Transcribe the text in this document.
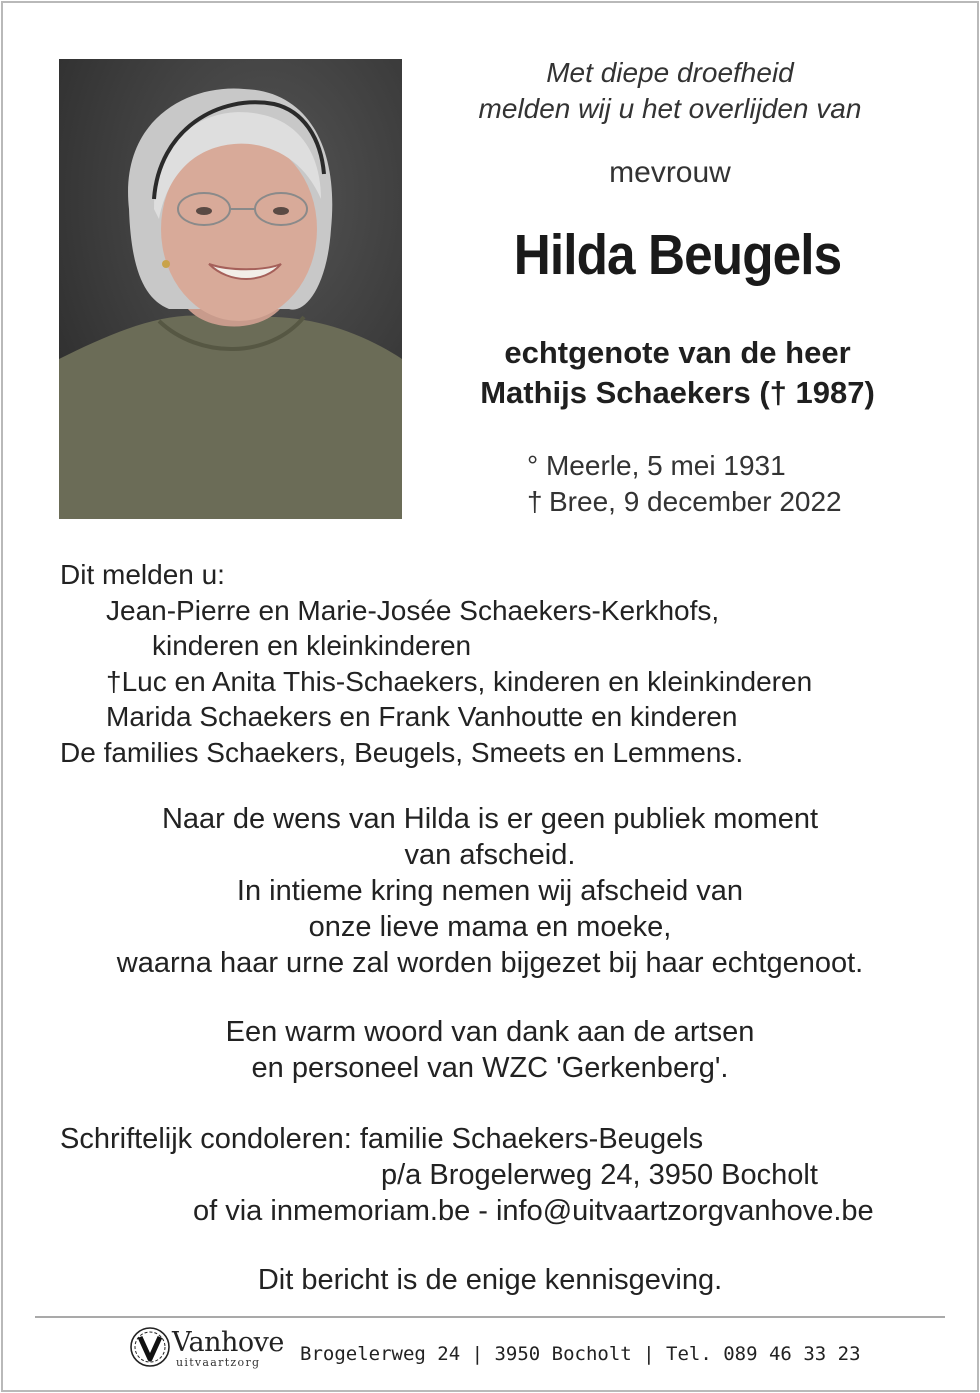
Met diepe droefheid
melden wij u het overlijden van
mevrouw
Hilda Beugels
echtgenote van de heer
Mathijs Schaekers († 1987)
° Meerle, 5 mei 1931
† Bree, 9 december 2022
Dit melden u:
Jean-Pierre en Marie-Josée Schaekers-Kerkhofs,
kinderen en kleinkinderen
†Luc en Anita This-Schaekers, kinderen en kleinkinderen
Marida Schaekers en Frank Vanhoutte en kinderen
De families Schaekers, Beugels, Smeets en Lemmens.
Naar de wens van Hilda is er geen publiek moment
van afscheid.
In intieme kring nemen wij afscheid van
onze lieve mama en moeke,
waarna haar urne zal worden bijgezet bij haar echtgenoot.
Een warm woord van dank aan de artsen
en personeel van WZC 'Gerkenberg'.
Schriftelijk condoleren: familie Schaekers-Beugels
p/a Brogelerweg 24, 3950 Bocholt
of via inmemoriam.be - info@uitvaartzorgvanhove.be
Dit bericht is de enige kennisgeving.
Vanhove
uitvaartzorg Brogelerweg 24 | 3950 Bocholt | Tel. 089 46 33 23
